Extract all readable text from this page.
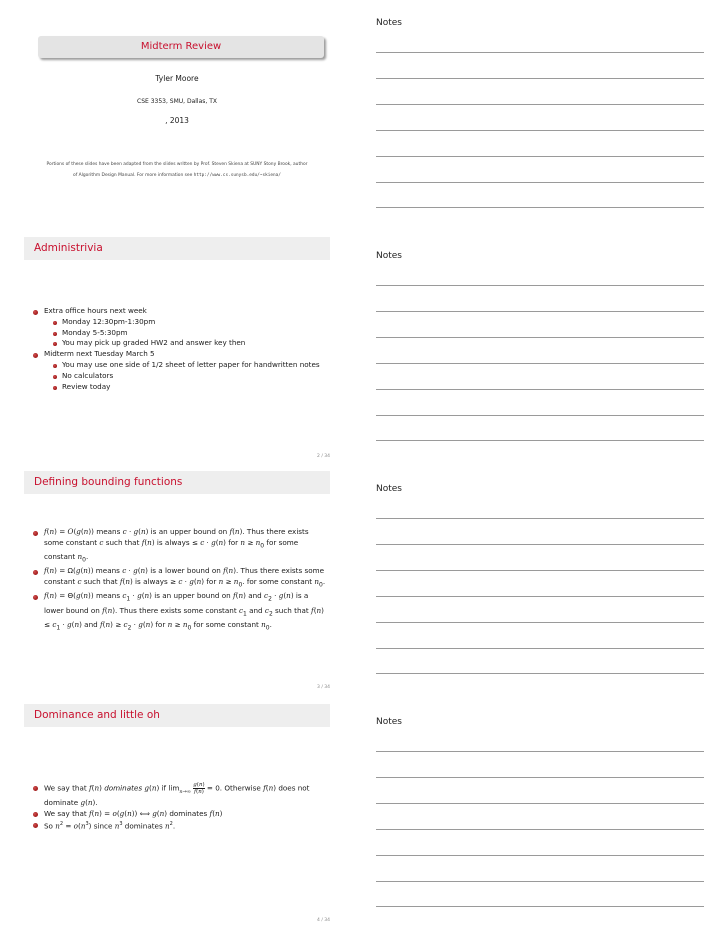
Midterm Review
Tyler Moore
CSE 3353, SMU, Dallas, TX
, 2013
Portions of these slides have been adapted from the slides written by Prof. Steven Skiena at SUNY Stony Brook, author
of Algorithm Design Manual. For more information see http://www.cs.sunysb.edu/~skiena/
Notes
Administrivia
Extra office hours next week
Monday 12:30pm-1:30pm
Monday 5-5:30pm
You may pick up graded HW2 and answer key then
Midterm next Tuesday March 5
You may use one side of 1/2 sheet of letter paper for handwritten notes
No calculators
Review today
2 / 34
Notes
Defining bounding functions
f(n) = O(g(n)) means c · g(n) is an upper bound on f(n). Thus there exists some constant c such that f(n) is always ≤ c · g(n) for $n \ge n_0$ for some constant $n_0$.
f(n) = Ω(g(n)) means c · g(n) is a lower bound on f(n). Thus there exists some constant c such that f(n) is always ≥ c · g(n) for $n \ge n_0$. for some constant $n_0$.
f(n) = Θ(g(n)) means $c_1 \cdot g(n)$ is an upper bound on f(n) and $c_2 \cdot g(n)$ is a lower bound on f(n). Thus there exists some constant $c_1$ and $c_2$ such that $f(n) \le c_1 \cdot g(n)$ and $f(n) \ge c_2 \cdot g(n)$ for $n \ge n_0$ for some constant $n_0$.
3 / 34
Notes
Dominance and little oh
We say that f(n) dominates g(n) if $\lim_{n\to\infty} \frac{g(n)}{f(n)} = 0$. Otherwise f(n) does not dominate g(n).
We say that f(n) = o(g(n)) ⟺ g(n) dominates f(n)
So $n^2 = o(n^3)$ since $n^3$ dominates $n^2$.
4 / 34
Notes
